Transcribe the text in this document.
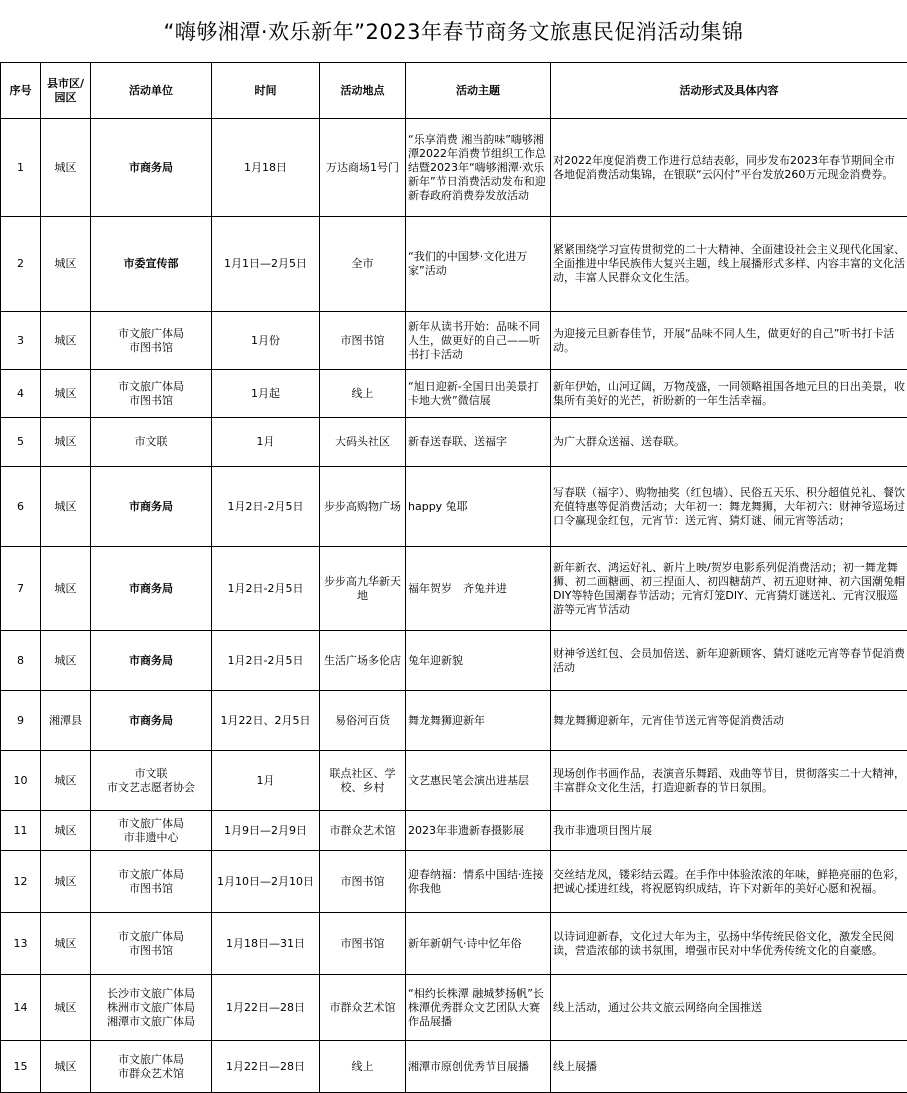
“嗨够湘潭·欢乐新年”2023年春节商务文旅惠民促消活动集锦
序号	县市区/园区	活动单位	时间	活动地点	活动主题	活动形式及具体内容
1	城区	市商务局	1月18日	万达商场1号门	“乐享消费 湘当韵味”嗨够湘潭2022年消费节组织工作总结暨2023年“嗨够湘潭·欢乐新年”节日消费活动发布和迎新春政府消费券发放活动	对2022年度促消费工作进行总结表彰，同步发布2023年春节期间全市各地促消费活动集锦，在银联“云闪付”平台发放260万元现金消费券。
2	城区	市委宣传部	1月1日—2月5日	全市	“我们的中国梦·文化进万家”活动	紧紧围绕学习宣传贯彻党的二十大精神、全面建设社会主义现代化国家、全面推进中华民族伟大复兴主题，线上展播形式多样、内容丰富的文化活动，丰富人民群众文化生活。
3	城区	市文旅广体局
市图书馆	1月份	市图书馆	新年从读书开始：品味不同人生，做更好的自己——听书打卡活动	为迎接元旦新春佳节，开展“品味不同人生，做更好的自己”听书打卡活动。
4	城区	市文旅广体局
市图书馆	1月起	线上	“旭日迎新-全国日出美景打卡地大赏”微信展	新年伊始，山河辽阔，万物茂盛，一同领略祖国各地元旦的日出美景，收集所有美好的光芒，祈盼新的一年生活幸福。
5	城区	市文联	1月	大码头社区	新春送春联、送福字	为广大群众送福、送春联。
6	城区	市商务局	1月2日-2月5日	步步高购物广场	happy 兔耶	写春联（福字）、购物抽奖（红包墙）、民俗五天乐、积分超值兑礼、餐饮充值特惠等促消费活动；大年初一：舞龙舞狮，大年初六：财神爷巡场过口令赢现金红包，元宵节：送元宵、猜灯谜、闹元宵等活动；
7	城区	市商务局	1月2日-2月5日	步步高九华新天地	福年贺岁　齐兔并进	新年新衣、鸿运好礼、新片上映/贺岁电影系列促消费活动；初一舞龙舞狮、初二画糖画、初三捏面人、初四糖葫芦、初五迎财神、初六国潮兔帽DIY等特色国潮春节活动；元宵灯笼DIY、元宵猜灯谜送礼、元宵汉服巡游等元宵节活动
8	城区	市商务局	1月2日-2月5日	生活广场多伦店	兔年迎新貌	财神爷送红包、会员加倍送、新年迎新顾客、猜灯谜吃元宵等春节促消费活动
9	湘潭县	市商务局	1月22日、2月5日	易俗河百货	舞龙舞狮迎新年	舞龙舞狮迎新年，元宵佳节送元宵等促消费活动
10	城区	市文联
市文艺志愿者协会	1月	联点社区、学校、乡村	文艺惠民笔会演出进基层	现场创作书画作品，表演音乐舞蹈、戏曲等节目，贯彻落实二十大精神，丰富群众文化生活，打造迎新春的节日氛围。
11	城区	市文旅广体局
市非遗中心	1月9日—2月9日	市群众艺术馆	2023年非遗新春摄影展	我市非遗项目图片展
12	城区	市文旅广体局
市图书馆	1月10日—2月10日	市图书馆	迎春纳福：情系中国结·连接你我他	交丝结龙凤，镂彩结云霞。在手作中体验浓浓的年味，鲜艳亮丽的色彩，把诚心揉进红线，将祝愿钩织成结，许下对新年的美好心愿和祝福。
13	城区	市文旅广体局
市图书馆	1月18日—31日	市图书馆	新年新朝气·诗中忆年俗	以诗词迎新春，文化过大年为主，弘扬中华传统民俗文化，激发全民阅读，营造浓郁的读书氛围，增强市民对中华优秀传统文化的自豪感。
14	城区	长沙市文旅广体局
株洲市文旅广体局
湘潭市文旅广体局	1月22日—28日	市群众艺术馆	“相约长株潭 融城梦扬帆”长株潭优秀群众文艺团队大赛作品展播	线上活动，通过公共文旅云网络向全国推送
15	城区	市文旅广体局
市群众艺术馆	1月22日—28日	线上	湘潭市原创优秀节目展播	线上展播
